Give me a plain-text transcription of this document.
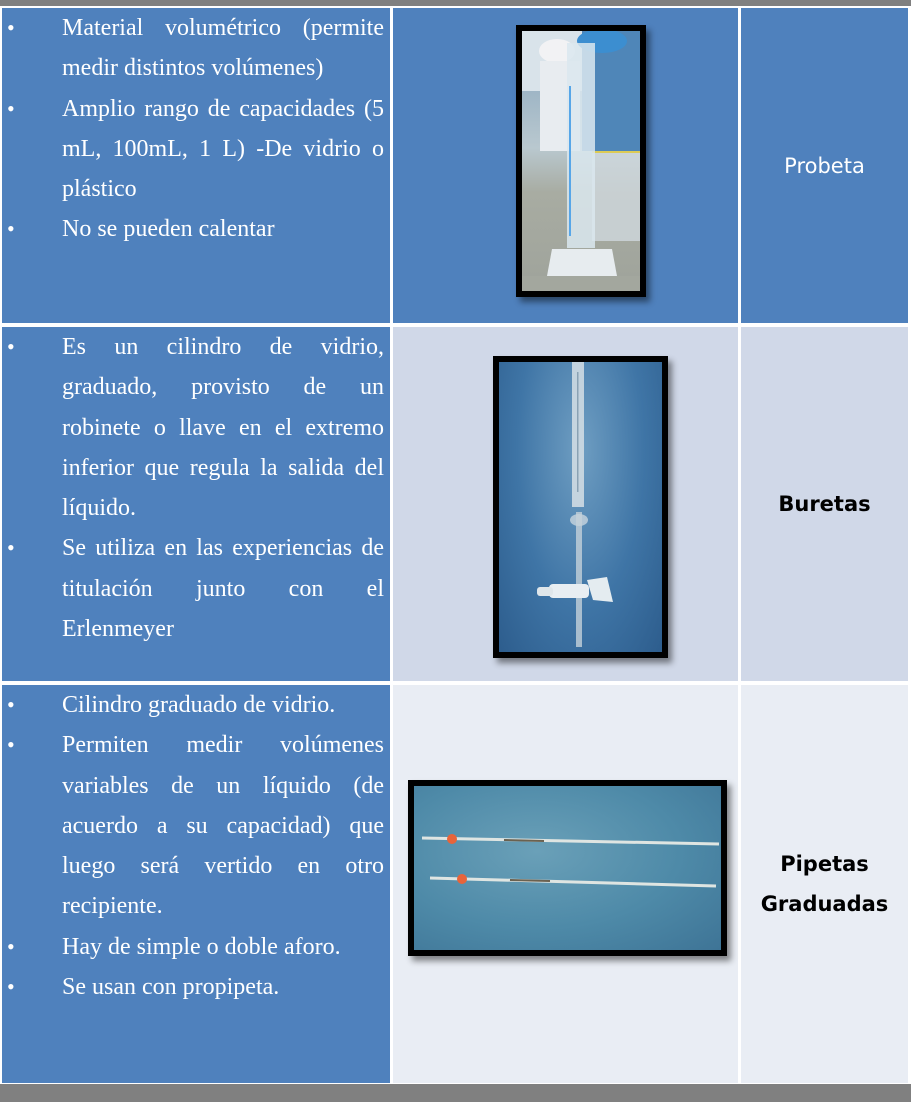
• Material volumétrico (permite medir distintos volúmenes)
• Amplio rango de capacidades (5 mL, 100mL, 1 L) -De vidrio o plástico
• No se pueden calentar
Probeta
• Es un cilindro de vidrio, graduado, provisto de un robinete o llave en el extremo inferior que regula la salida del líquido.
• Se utiliza en las experiencias de titulación junto con el Erlenmeyer
Buretas
• Cilindro graduado de vidrio.
• Permiten medir volúmenes variables de un líquido (de acuerdo a su capacidad) que luego será vertido en otro recipiente.
• Hay de simple o doble aforo.
• Se usan con propipeta.
Pipetas Graduadas
